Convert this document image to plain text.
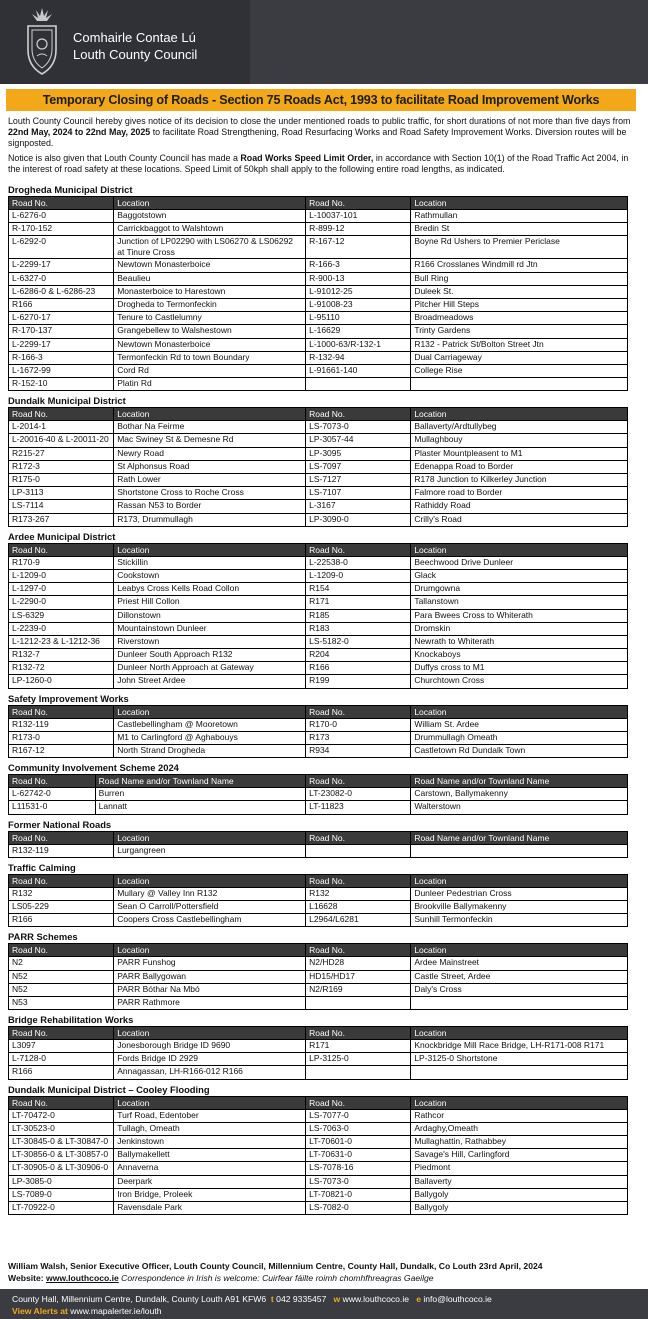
Comhairle Contae Lú
Louth County Council
Temporary Closing of Roads - Section 75 Roads Act, 1993 to facilitate Road Improvement Works

Louth County Council hereby gives notice of its decision to close the under mentioned roads to public traffic, for short durations of not more than five days from 22nd May, 2024 to 22nd May, 2025 to facilitate Road Strengthening, Road Resurfacing Works and Road Safety Improvement Works. Diversion routes will be signposted.

Notice is also given that Louth County Council has made a Road Works Speed Limit Order, in accordance with Section 10(1) of the Road Traffic Act 2004, in the interest of road safety at these locations. Speed Limit of 50kph shall apply to the following entire road lengths, as indicated.

Drogheda Municipal District
Road No.	Location	Road No.	Location
L-6276-0	Baggotstown	L-10037-101	Rathmullan
R-170-152	Carrickbaggot to Walshtown	R-899-12	Bredin St
L-6292-0	Junction of LP02290 with LS06270 & LS06292 at Tinure Cross	R-167-12	Boyne Rd Ushers to Premier Periclase
L-2299-17	Newtown Monasterboice	R-166-3	R166 Crosslanes Windmill rd Jtn
L-6327-0	Beaulieu	R-900-13	Bull Ring
L-6286-0 & L-6286-23	Monasterboice to Harestown	L-91012-25	Duleek St.
R166	Drogheda to Termonfeckin	L-91008-23	Pitcher Hill Steps
L-6270-17	Tenure to Castlelumny	L-95110	Broadmeadows
R-170-137	Grangebellew to Walshestown	L-16629	Trinty Gardens
L-2299-17	Newtown Monasterboice	L-1000-63/R-132-1	R132 - Patrick St/Bolton Street Jtn
R-166-3	Termonfeckin Rd to town Boundary	R-132-94	Dual Carriageway
L-1672-99	Cord Rd	L-91661-140	College Rise
R-152-10	Platin Rd		
Dundalk Municipal District
Road No.	Location	Road No.	Location
L-2014-1	Bothar Na Feirme	LS-7073-0	Ballaverty/Ardtullybeg
L-20016-40 & L-20011-20	Mac Swiney St & Demesne Rd	LP-3057-44	Mullaghbouy
R215-27	Newry Road	LP-3095	Plaster Mountpleasent to M1
R172-3	St Alphonsus Road	LS-7097	Edenappa Road to Border
R175-0	Rath Lower	LS-7127	R178 Junction to Kilkerley Junction
LP-3113	Shortstone Cross to Roche Cross	LS-7107	Falmore road to Border
LS-7114	Rassan N53 to Border	L-3167	Rathiddy Road
R173-267	R173, Drummullagh	LP-3090-0	Crilly's Road
Ardee Municipal District
Road No.	Location	Road No.	Location
R170-9	Stickillin	L-22538-0	Beechwood Drive Dunleer
L-1209-0	Cookstown	L-1209-0	Glack
L-1297-0	Leabys Cross Kells Road Collon	R154	Drumgowna
L-2290-0	Priest Hill Collon	R171	Tallanstown
LS-6329	Dillonstown	R185	Para Bwees Cross to Whiterath
L-2239-0	Mountainstown Dunleer	R183	Dromskin
L-1212-23 & L-1212-36	Riverstown	LS-5182-0	Newrath to Whiterath
R132-7	Dunleer South Approach R132	R204	Knockaboys
R132-72	Dunleer North Approach at Gateway	R166	Duffys cross to M1
LP-1260-0	John Street Ardee	R199	Churchtown Cross
Safety Improvement Works
Road No.	Location	Road No.	Location
R132-119	Castlebellingham @ Mooretown	R170-0	William St. Ardee
R173-0	M1 to Carlingford @ Aghabouys	R173	Drummullagh Omeath
R167-12	North Strand Drogheda	R934	Castletown Rd Dundalk Town
Community Involvement Scheme 2024
Road No.	Road Name and/or Townland Name	Road No.	Road Name and/or Townland Name
L-62742-0	Burren	LT-23082-0	Carstown, Ballymakenny
L11531-0	Lannatt	LT-11823	Walterstown
Former National Roads
Road No.	Location	Road No.	Road Name and/or Townland Name
R132-119	Lurgangreen		
Traffic Calming
Road No.	Location	Road No.	Location
R132	Mullary @ Valley Inn R132	R132	Dunleer Pedestrian Cross
LS05-229	Sean O Carroll/Pottersfield	L16628	Brookville Ballymakenny
R166	Coopers Cross Castlebellingham	L2964/L6281	Sunhill Termonfeckin
PARR Schemes
Road No.	Location	Road No.	Location
N2	PARR Funshog	N2/HD28	Ardee Mainstreet
N52	PARR Ballygowan	HD15/HD17	Castle Street, Ardee
N52	PARR Bóthar Na Mbó	N2/R169	Daly's Cross
N53	PARR Rathmore		
Bridge Rehabilitation Works
Road No.	Location	Road No.	Location
L3097	Jonesborough Bridge ID 9690	R171	Knockbridge Mill Race Bridge, LH-R171-008 R171
L-7128-0	Fords Bridge ID 2929	LP-3125-0	LP-3125-0 Shortstone
R166	Annagassan, LH-R166-012 R166		
Dundalk Municipal District – Cooley Flooding
Road No.	Location	Road No.	Location
LT-70472-0	Turf Road, Edentober	LS-7077-0	Rathcor
LT-30523-0	Tullagh, Omeath	LS-7063-0	Ardaghy,Omeath
LT-30845-0 & LT-30847-0	Jenkinstown	LT-70601-0	Mullaghattin, Rathabbey
LT-30856-0 & LT-30857-0	Ballymakellett	LT-70631-0	Savage's Hill, Carlingford
LT-30905-0 & LT-30906-0	Annaverna	LS-7078-16	Piedmont
LP-3085-0	Deerpark	LS-7073-0	Ballaverty
LS-7089-0	Iron Bridge, Proleek	LT-70821-0	Ballygoly
LT-70922-0	Ravensdale Park	LS-7082-0	Ballygoly
William Walsh, Senior Executive Officer, Louth County Council, Millennium Centre, County Hall, Dundalk, Co Louth 23rd April, 2024
Website: www.louthcoco.ie Correspondence in Irish is welcome: Cuirfear fáilte roimh chomhfhreagras Gaeilge
County Hall, Millennium Centre, Dundalk, County Louth A91 KFW6 t 042 9335457 w www.louthcoco.ie e info@louthcoco.ie
View Alerts at www.mapalerter.ie/louth
